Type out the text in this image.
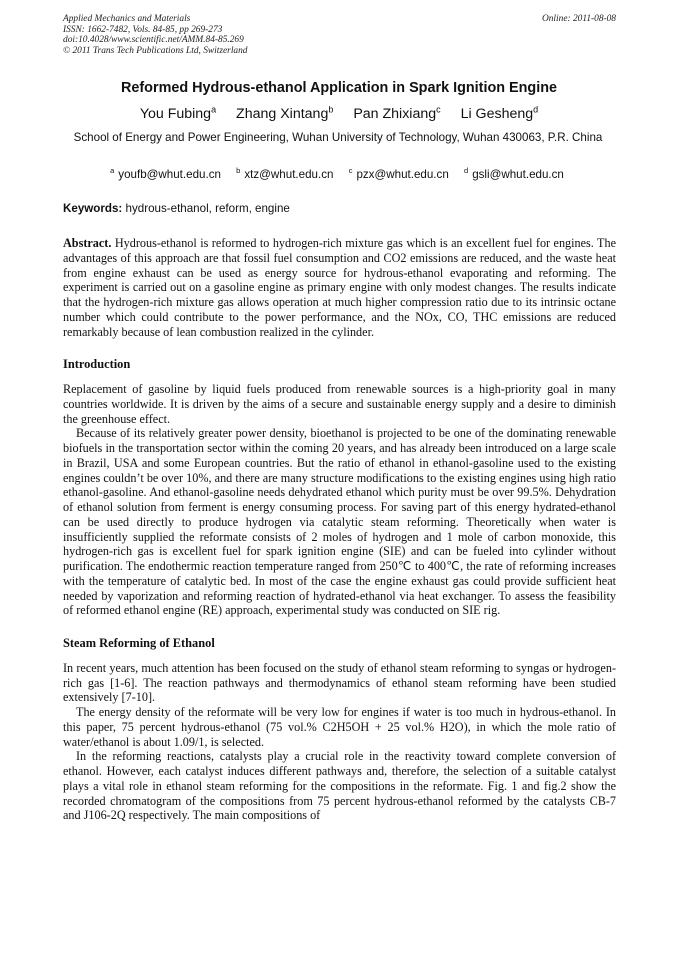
Applied Mechanics and Materials
ISSN: 1662-7482, Vols. 84-85, pp 269-273
doi:10.4028/www.scientific.net/AMM.84-85.269
© 2011 Trans Tech Publications Ltd, Switzerland
Online: 2011-08-08
Reformed Hydrous-ethanol Application in Spark Ignition Engine
You Fubing$^a$ Zhang Xintang$^b$ Pan Zhixiang$^c$ Li Gesheng$^d$
School of Energy and Power Engineering, Wuhan University of Technology, Wuhan 430063, P.R. China
$^a$ youfb@whut.edu.cn $^b$ xtz@whut.edu.cn $^c$ pzx@whut.edu.cn $^d$ gsli@whut.edu.cn
Keywords: hydrous-ethanol, reform, engine

Abstract. Hydrous-ethanol is reformed to hydrogen-rich mixture gas which is an excellent fuel for engines. The advantages of this approach are that fossil fuel consumption and CO2 emissions are reduced, and the waste heat from engine exhaust can be used as energy source for hydrous-ethanol evaporating and reforming. The experiment is carried out on a gasoline engine as primary engine with only modest changes. The results indicate that the hydrogen-rich mixture gas allows operation at much higher compression ratio due to its intrinsic octane number which could contribute to the power performance, and the NOx, CO, THC emissions are reduced remarkably because of lean combustion realized in the cylinder.

Introduction

Replacement of gasoline by liquid fuels produced from renewable sources is a high-priority goal in many countries worldwide. It is driven by the aims of a secure and sustainable energy supply and a desire to diminish the greenhouse effect.

Because of its relatively greater power density, bioethanol is projected to be one of the dominating renewable biofuels in the transportation sector within the coming 20 years, and has already been introduced on a large scale in Brazil, USA and some European countries. But the ratio of ethanol in ethanol-gasoline used to the existing engines couldn’t be over 10%, and there are many structure modifications to the existing engines using high ratio ethanol-gasoline. And ethanol-gasoline needs dehydrated ethanol which purity must be over 99.5%. Dehydration of ethanol solution from ferment is energy consuming process. For saving part of this energy hydrated-ethanol can be used directly to produce hydrogen via catalytic steam reforming. Theoretically when water is insufficiently supplied the reformate consists of 2 moles of hydrogen and 1 mole of carbon monoxide, this hydrogen-rich gas is excellent fuel for spark ignition engine (SIE) and can be fueled into cylinder without purification. The endothermic reaction temperature ranged from 250℃ to 400℃, the rate of reforming increases with the temperature of catalytic bed. In most of the case the engine exhaust gas could provide sufficient heat needed by vaporization and reforming reaction of hydrated-ethanol via heat exchanger. To assess the feasibility of reformed ethanol engine (RE) approach, experimental study was conducted on SIE rig.

Steam Reforming of Ethanol

In recent years, much attention has been focused on the study of ethanol steam reforming to syngas or hydrogen-rich gas [1-6]. The reaction pathways and thermodynamics of ethanol steam reforming have been studied extensively [7-10].

The energy density of the reformate will be very low for engines if water is too much in hydrous-ethanol. In this paper, 75 percent hydrous-ethanol (75 vol.% C2H5OH + 25 vol.% H2O), in which the mole ratio of water/ethanol is about 1.09/1, is selected.

In the reforming reactions, catalysts play a crucial role in the reactivity toward complete conversion of ethanol. However, each catalyst induces different pathways and, therefore, the selection of a suitable catalyst plays a vital role in ethanol steam reforming for the compositions in the reformate. Fig. 1 and fig.2 show the recorded chromatogram of the compositions from 75 percent hydrous-ethanol reformed by the catalysts CB-7 and J106-2Q respectively. The main compositions of
